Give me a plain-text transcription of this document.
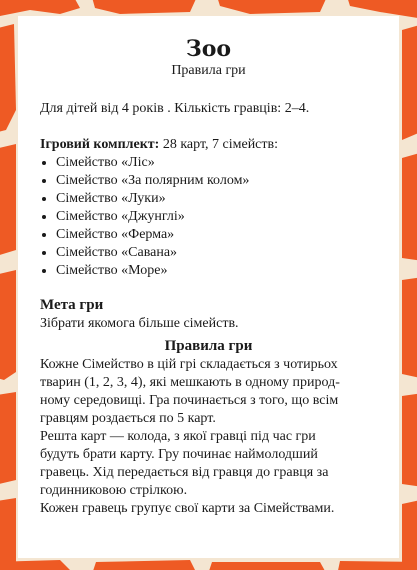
Зоо
Правила гри

Для дітей від 4 років . Кількість гравців: 2–4.

Ігровий комплект: 28 карт, 7 сімейств:

• Сімейство «Ліс»
• Сімейство «За полярним колом»
• Сімейство «Луки»
• Сімейство «Джунглі»
• Сімейство «Ферма»
• Сімейство «Савана»
• Сімейство «Море»
Мета гри

Зібрати якомога більше сімейств.

Правила гри
Кожне Сімейство в цій грі складається з чотирьох
тварин (1, 2, 3, 4), які мешкають в одному природ-
ному середовищі. Гра починається з того, що всім
гравцям роздається по 5 карт.
Решта карт — колода, з якої гравці під час гри
будуть брати карту. Гру починає наймолодший
гравець. Хід передається від гравця до гравця за
годинниковою стрілкою.
Кожен гравець групує свої карти за Сімействами.
